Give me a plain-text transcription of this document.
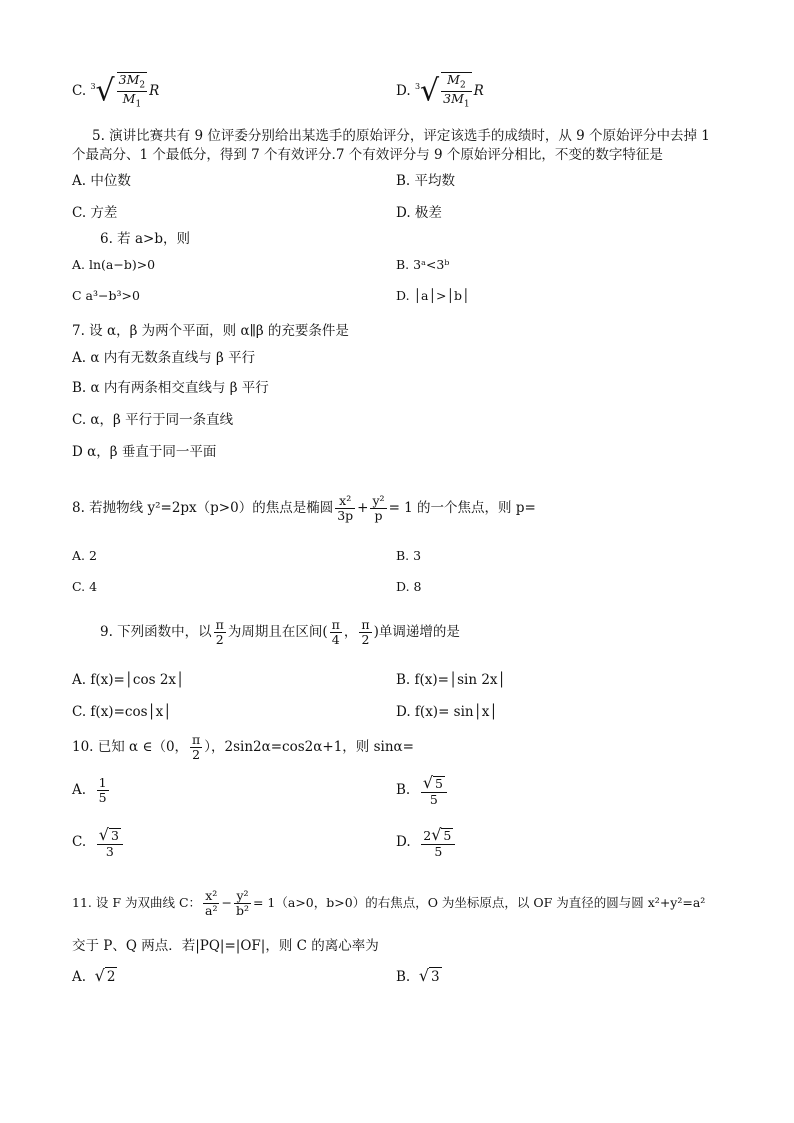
C. $^3√ \frac{3M_2}{M_1}$ R	D. $^3√ \frac{M_2}{3M_1}$ R
5. 演讲比赛共有 9 位评委分别给出某选手的原始评分，评定该选手的成绩时，从 9 个原始评分中去掉 1
个最高分、1 个最低分，得到 7 个有效评分.7 个有效评分与 9 个原始评分相比，不变的数字特征是
A. 中位数	B. 平均数
C. 方差	D. 极差
6. 若 a>b，则
A. ln(a−b)>0	B. 3ᵃ<3ᵇ
C a³−b³>0	D. │a│>│b│
7. 设 α，β 为两个平面，则 α∥β 的充要条件是
A. α 内有无数条直线与 β 平行
B. α 内有两条相交直线与 β 平行
C. α，β 平行于同一条直线
D α，β 垂直于同一平面
8. 若抛物线 y²=2px（p>0）的焦点是椭圆 $\frac{\text{x²}}{3p} + \frac{\text{y²}}{p} = 1$ 的一个焦点，则 p=
A. 2	B. 3
C. 4	D. 8
9. 下列函数中，以 $\frac{\pi}{2}$ 为周期且在区间( $\frac{\pi}{4}$ ， $\frac{\pi}{2}$ )单调递增的是
A. f(x)=│cos 2x│	B. f(x)=│sin 2x│
C. f(x)=cos│x│	D. f(x)= sin│x│
10. 已知 α ∈（0， $\frac{\pi}{2}$ ），2sin2α=cos2α+1，则 sinα=
A. $\frac{1}{5}$	B. $\frac{√ 5}{5}$
C. $\frac{√ 3}{3}$	D. $\frac{2√ 5}{5}$
11. 设 F 为双曲线 C： $\frac{\text{x²}}{\text{a²}} - \frac{\text{y²}}{\text{b²}} = 1(a>0$，b>0）的右焦点，O 为坐标原点，以 OF 为直径的圆与圆 x²+y²=a²
交于 P、Q 两点．若|PQ|=|OF|，则 C 的离心率为
A. √ 2	B. √ 3
